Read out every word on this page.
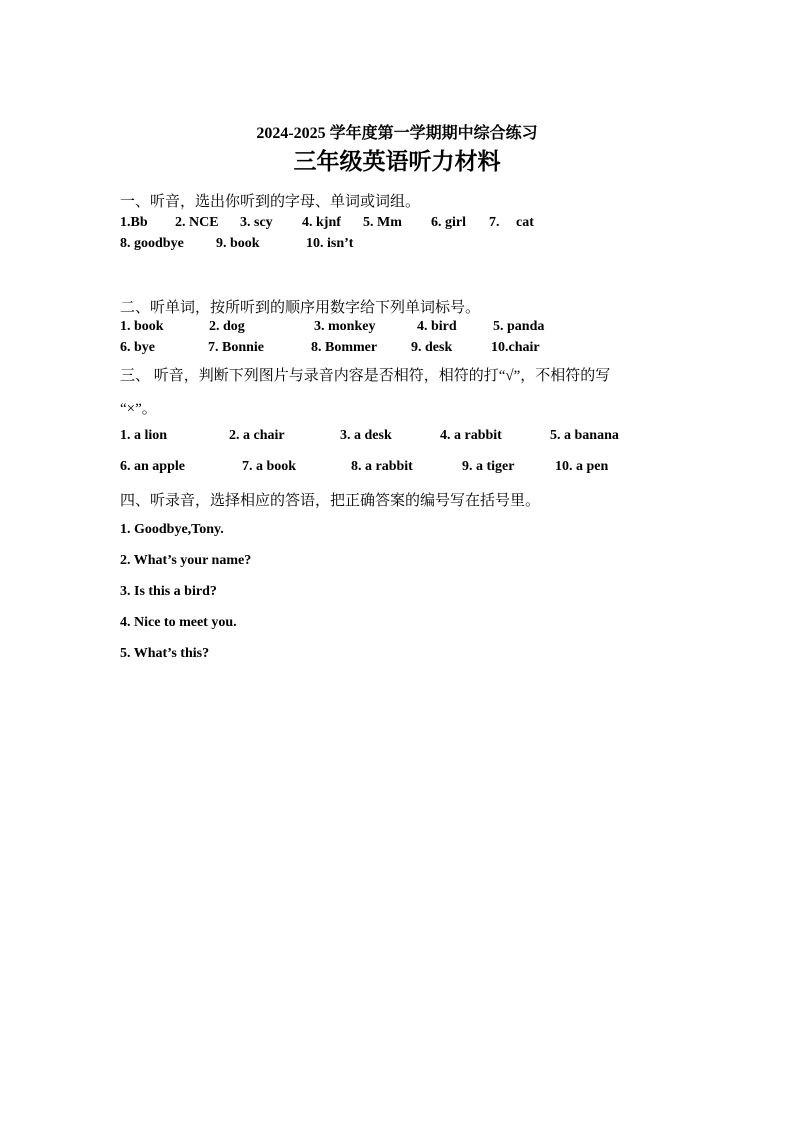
2024-2025 学年度第一学期期中综合练习
三年级英语听力材料
一、听音，选出你听到的字母、单词或词组。
1.Bb 2. NCE 3. scy 4. kjnf 5. Mm 6. girl 7. cat
8. goodbye 9. book	10. isn’t
二、听单词，按所听到的顺序用数字给下列单词标号。
1. book	2. dog	3. monkey	4. bird	5. panda
6. bye	7. Bonnie	8. Bommer 9. desk	10.chair
三、 听音，判断下列图片与录音内容是否相符，相符的打“√”，不相符的写
“×”。
1. a lion	2. a chair	3. a desk	4. a rabbit	5. a banana
6. an apple	7. a book	8. a rabbit	9. a tiger	10. a pen
四、听录音，选择相应的答语，把正确答案的编号写在括号里。
1. Goodbye,Tony.
2. What’s your name?
3. Is this a bird?
4. Nice to meet you.
5. What’s this?
